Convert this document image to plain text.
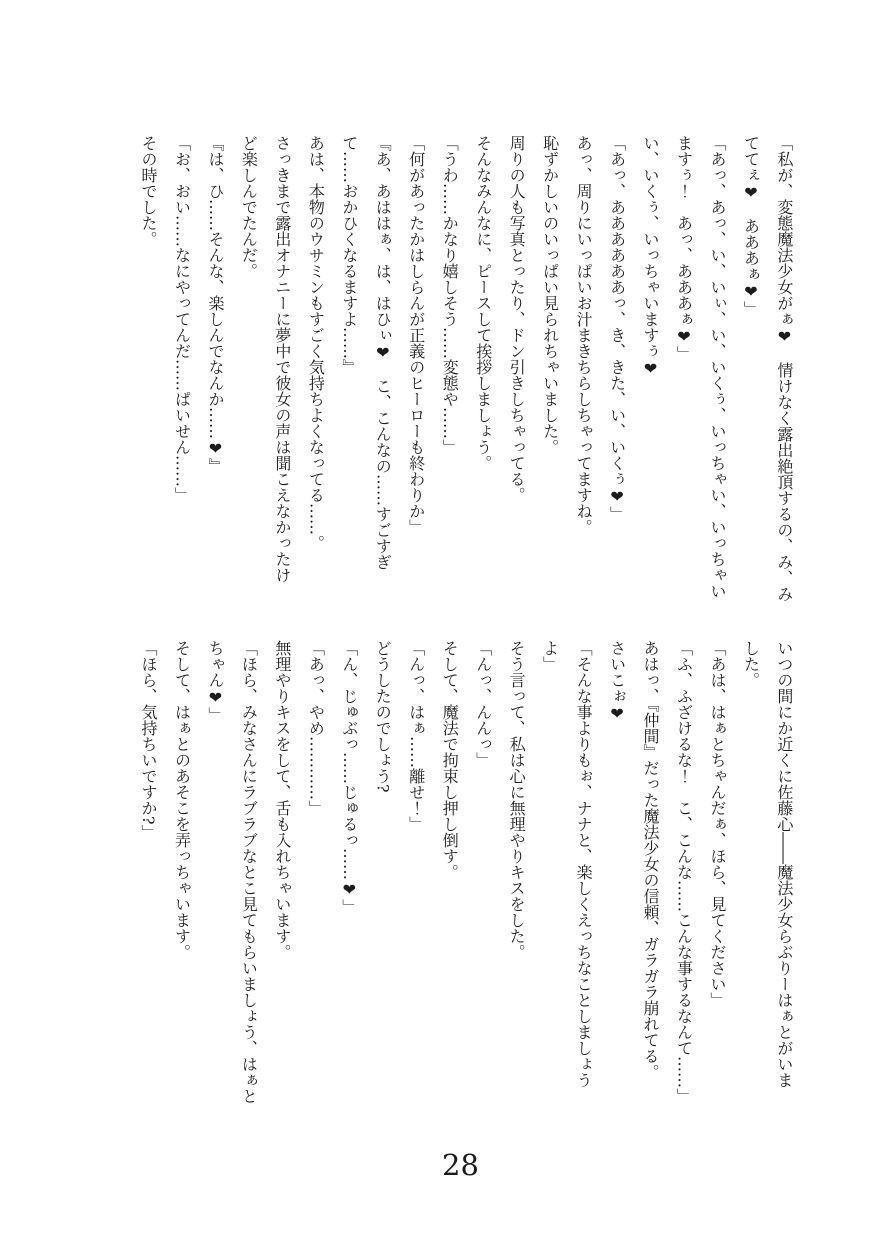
「私が、変態魔法少女がぁ❤　情けなく露出絶頂するの、み、み
ててぇ❤　あああぁ❤」
「あっ、あっ、い、いぃ、い、いくぅ、いっちゃい、いっちゃい
ますぅ！　あっ、あああぁ❤」
い、いくぅ、いっちゃいますぅ❤
「あっ、ああああああっ、き、きた、い、いくぅ❤」
あっ、周りにいっぱいお汁まきちらしちゃってますね。
恥ずかしいのいっぱい見られちゃいました。
周りの人も写真とったり、ドン引きしちゃってる。
そんなみんなに、ピースして挨拶しましょう。
「うわ……かなり嬉しそう……変態や……」
「何があったかはしらんが正義のヒーローも終わりか」
『あ、あははぁ、は、はひぃ❤　こ、こんなの……すごすぎ
て……おかひくなるますよ……』
あは、本物のウサミンもすごく気持ちよくなってる……。
さっきまで露出オナニーに夢中で彼女の声は聞こえなかったけ
ど楽しんでたんだ。
『は、ひ……そんな、楽しんでなんか……❤』
「お、おい……なにやってんだ……ぱいせん……」
その時でした。
いつの間にか近くに佐藤心――魔法少女らぶりーはぁとがいま
した。
「あは、はぁとちゃんだぁ、ほら、見てください」
「ふ、ふざけるな！　こ、こんな……こんな事するなんて……」
あはっ、『仲間』だった魔法少女の信頼、ガラガラ崩れてる。
さいこぉ❤
「そんな事よりもぉ、ナナと、楽しくえっちなことしましょう
よ」
そう言って、私は心に無理やりキスをした。
「んっ、んんっ」
そして、魔法で拘束し押し倒す。
「んっ、はぁ……離せ！」
どうしたのでしょう?
「ん、じゅぶっ……じゅるっ……❤」
「あっ、やめ…………」
無理やりキスをして、舌も入れちゃいます。
「ほら、みなさんにラブラブなとこ見てもらいましょう、はぁと
ちゃん❤」
そして、はぁとのあそこを弄っちゃいます。
「ほら、気持ちいですか?」
28
